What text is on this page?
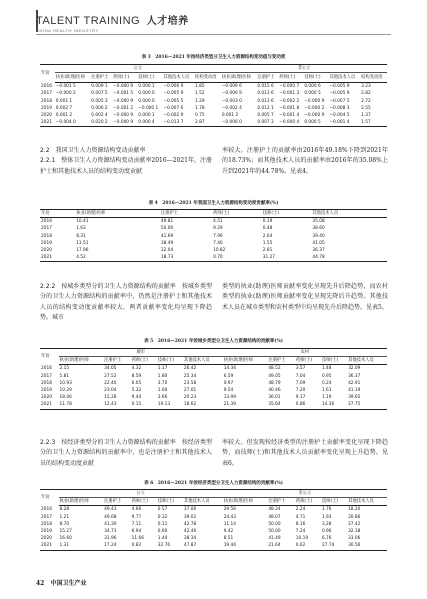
TALENT TRAINING 人才培养
CHINA HEALTH INDUSTRY
表 3　2016—2021 年按经济类型分卫生人力资源结构变动值与变动度
年份	公立						非公立					
	执业(助理)医师	注册护士	药师(士)	技师(士)	其他技术人员	结构变动度	执业(助理)医师	注册护士	药师(士)	技师(士)	其他技术人员	结构变动度
2016	−0.001 5	0.009 1	−0.000 9	0.000 1	−0.006 9	1.85	−0.009 6	0.015 6	−0.000 7	0.000 6	−0.005 9	3.23
2017	−0.000 2	0.007 5	−0.001 5	0.000 0	−0.005 9	1.52	−0.006 9	0.013 6	−0.001 3	0.000 5	−0.005 9	2.82
2018	0.001 1	0.005 3	−0.000 9	0.000 0	−0.005 5	1.29	−0.003 0	0.013 6	−0.002 2	−0.000 9	−0.007 5	2.72
2019	0.002 7	0.006 2	−0.001 2	−0.000 1	−0.007 6	1.78	−0.002 4	0.012 1	−0.001 8	−0.000 2	−0.008 3	2.55
2020	0.001 2	0.002 4	−0.000 9	0.000 1	−0.002 9	0.75	0.001 2	0.005 7	−0.001 4	−0.000 9	−0.004 5	1.37
2021	−0.004 0	0.020 2	−0.000 9	0.000 4	−0.013 7	2.87	−0.006 0	0.007 3	−0.000 4	0.000 5	−0.001 4	1.57

2.2　我国卫生人力资源结构变动贡献率

2.2.1　整体卫生人力资源结构变动贡献率2016—2021年，注册护士和其他技术人员的结构变动度贡献

率较大。注册护士的贡献率由2016年49.18%下降到2021年的18.73%；而其他技术人员的贡献率由2016年的35.08%上升到2021年的44.78%。见表4。

表 4　2016—2021 年我国卫生人力资源结构变动度贡献率(%)
年份	执业(助理)医师	注册护士	药师(士)	技师(士)	其他技术人员
2016	10.41	49.81	4.51	0.19	35.08
2017	1.63	50.00	9.29	0.48	38.60
2018	8.31	41.69	7.96	2.64	39.40
2019	11.51	38.49	7.40	1.55	41.05
2020	17.96	32.04	10.82	2.81	36.37
2021	4.52	18.73	0.70	31.27	44.78

2.2.2　按城乡类型分的卫生人力资源结构的贡献率　 按城乡类型分的卫生人力资源结构的贡献率中，仍然是注册护士和其他技术人员的结构变动度贡献率较大，两者贡献率变化均呈现下降趋势。城市

类型的执业(助理)医师贡献率变化呈现先升后降趋势，而农村类型的执业(助理)医师贡献率变化呈现先降后升趋势。其他技术人员在城市类型和农村类型中均呈现先升后降趋势。见表5。

表 5　2016—2021 年按城乡类型分卫生人力资源结构的贡献率(%)
年份	城市					农村				
	执业(助理)医师	注册护士	药师(士)	技师(士)	其他技术人员	执业(助理)医师	注册护士	药师(士)	技师(士)	其他技术人员
2016	2.15	34.05	4.32	1.17	26.42	14.34	48.52	3.57	1.48	32.09
2017	5.81	27.52	8.59	1.80	25.34	6.59	49.05	7.04	0.95	36.37
2018	10.93	22.40	6.05	3.70	23.58	0.97	48.79	7.09	0.24	42.91
2019	10.29	23.04	5.32	1.00	27.01	9.54	40.46	7.20	1.61	41.19
2020	18.06	15.28	9.44	3.66	20.23	13.99	36.01	9.17	1.19	39.65
2021	11.78	12.43	0.15	19.13	18.62	21.39	35.64	0.86	14.36	27.75

2.2.3　按经济类型分的卫生人力资源结构的贡献率　 按经济类型分的卫生人力资源结构的贡献率中，也是注册护士和其他技术人员的结构变动度贡献

率较大。但发现按经济类型的注册护士贡献率变化呈现下降趋势，而技师(士)和其他技术人员贡献率变化呈现上升趋势。见表6。

表 6　2016—2021 年按经济类型分卫生人力资源结构的贡献率(%)
年份	公立					非公立				
	执业(助理)医师	注册护士	药师(士)	技师(士)	其他技术人员	执业(助理)医师	注册护士	药师(士)	技师(士)	其他技术人员
2016	8.28	49.43	4.66	0.57	37.06	29.56	48.24	2.24	1.76	18.20
2017	1.21	49.68	9.77	0.32	39.02	24.43	48.07	4.71	1.93	20.86
2018	8.70	41.30	7.11	0.11	42.78	11.14	50.00	8.16	3.28	27.42
2019	15.27	34.73	6.94	0.60	42.46	9.42	50.00	7.24	0.96	32.38
2020	16.60	31.96	11.66	1.44	38.34	8.51	41.49	10.19	6.76	33.06
2021	1.31	17.24	0.82	32.76	47.87	19.44	21.64	0.62	27.74	30.56
42 中国卫生产业
